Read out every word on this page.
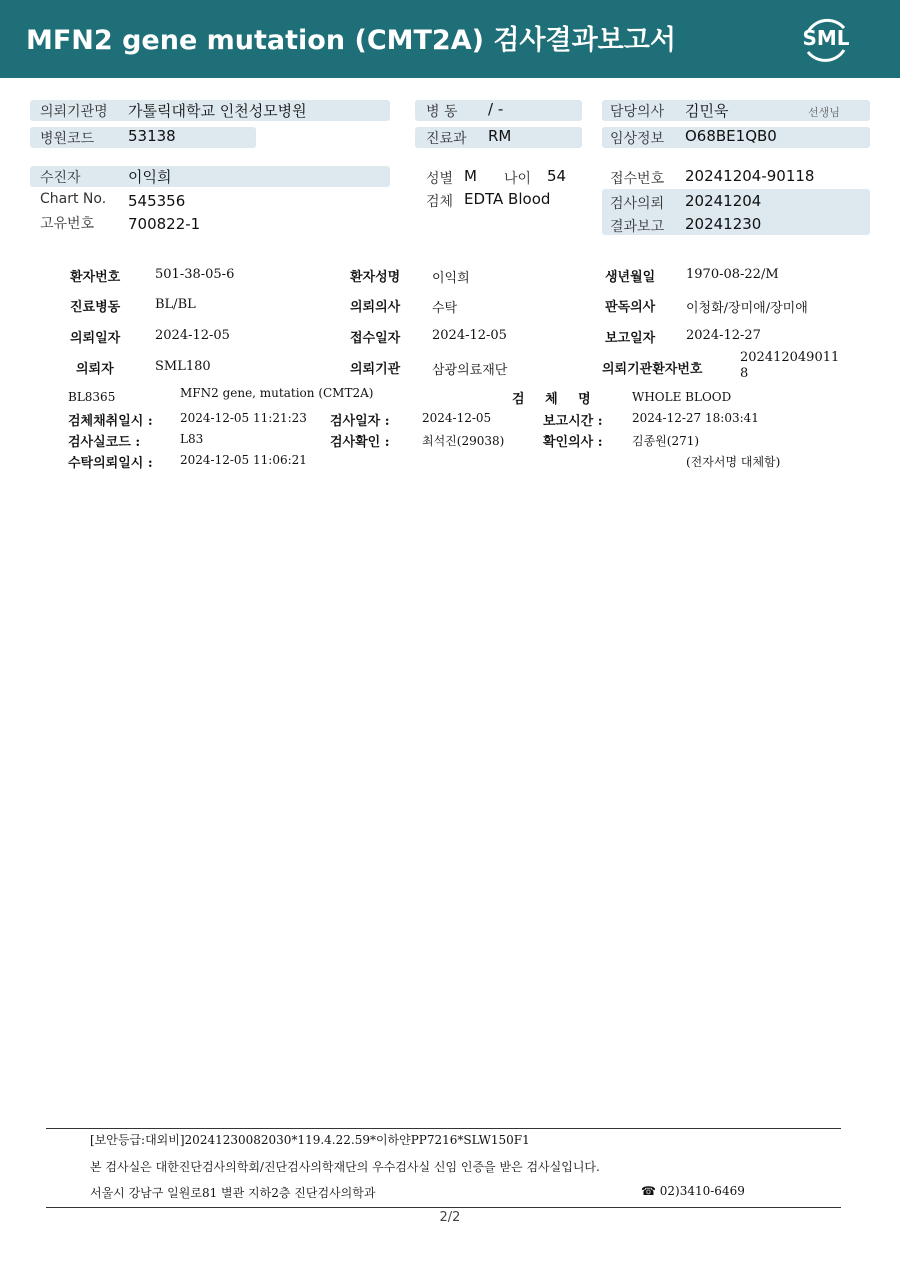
MFN2 gene mutation (CMT2A) 검사결과보고서	SML
의뢰기관명 가톨릭대학교 인천성모병원
병원코드 53138
병 동 / -
진료과 RM
담당의사 김민욱	선생님
임상정보 O68BE1QB0
수진자	이익희
Chart No. 545356
고유번호 700822-1
성별 M 나이 54
검체 EDTA Blood
접수번호 20241204-90118
검사의뢰 20241204
결과보고 20241230
환자번호	501-38-05-6	환자성명 이익희	생년월일 1970-08-22/M
진료병동	BL/BL	의뢰의사 수탁	판독의사 이청화/장미애/장미애
의뢰일자	2024-12-05	접수일자 2024-12-05	보고일자 2024-12-27
의뢰자	SML180	의뢰기관 삼광의료재단	의뢰기관환자번호
202412049011
8
BL8365	MFN2 gene, mutation (CMT2A)	검 체 명	WHOLE BLOOD
검체채취일시 : 2024-12-05 11:21:23 검사일자 :	2024-12-05	보고시간 : 2024-12-27 18:03:41
검사실코드 :	L83	검사확인 :	최석진(29038)	확인의사 : 김종원(271)
수탁의뢰일시 : 2024-12-05 11:06:21	(전자서명 대체함)
[보안등급:대외비]20241230082030*119.4.22.59*이하얀PP7216*SLW150F1
본 검사실은 대한진단검사의학회/진단검사의학재단의 우수검사실 신임 인증을 받은 검사실입니다.
서울시 강남구 일원로81 별관 지하2층 진단검사의학과	☎ 02)3410-6469
2/2
